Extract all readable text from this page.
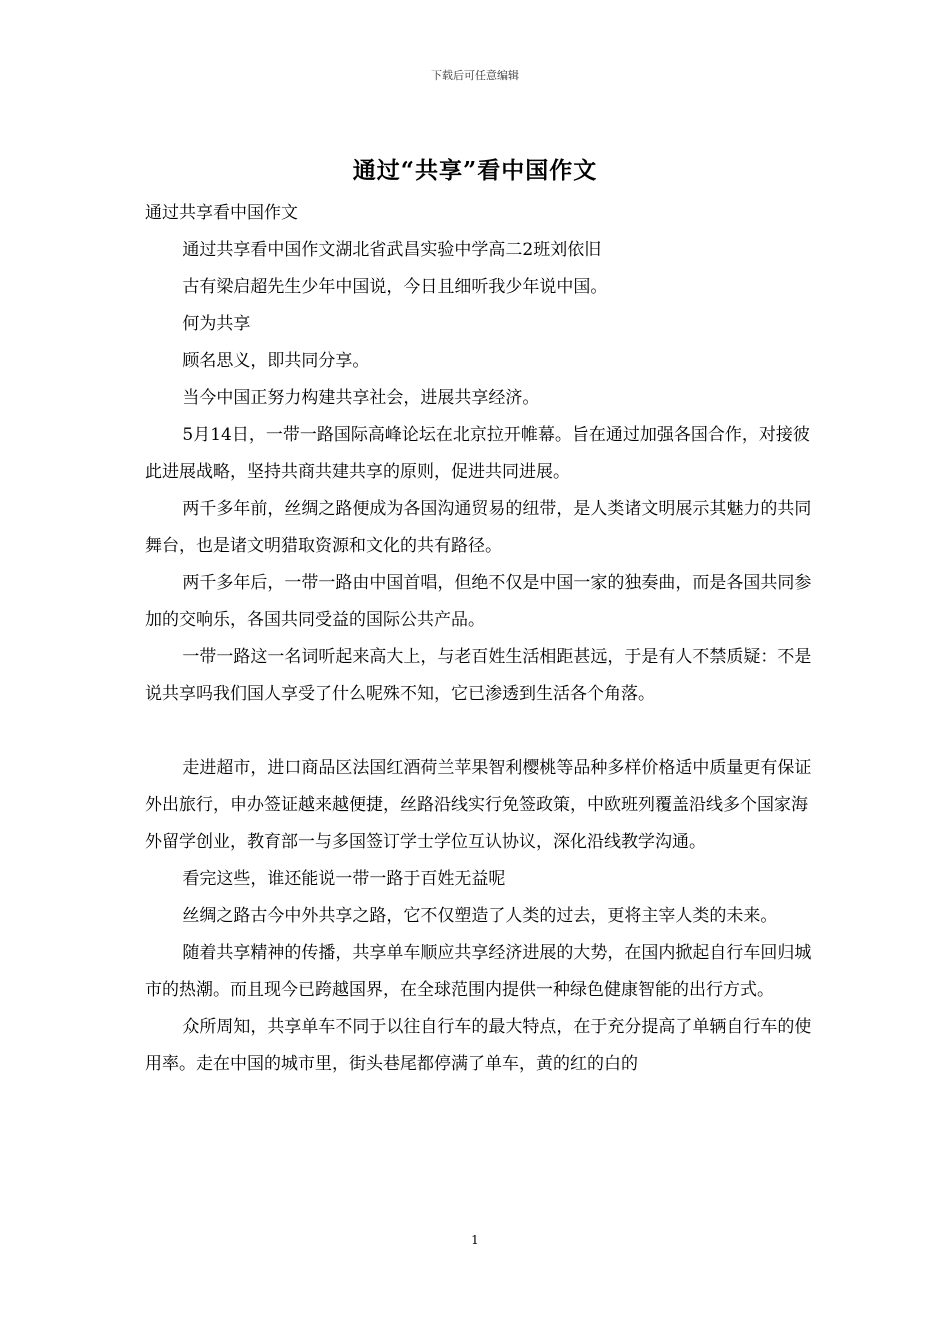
下载后可任意编辑
通过“共享”看中国作文

通过共享看中国作文

通过共享看中国作文湖北省武昌实验中学高二2班刘依旧

古有梁启超先生少年中国说，今日且细听我少年说中国。

何为共享

顾名思义，即共同分享。

当今中国正努力构建共享社会，进展共享经济。

5月14日，一带一路国际高峰论坛在北京拉开帷幕。旨在通过加强各国合作，对接彼此进展战略，坚持共商共建共享的原则，促进共同进展。

两千多年前，丝绸之路便成为各国沟通贸易的纽带，是人类诸文明展示其魅力的共同舞台，也是诸文明猎取资源和文化的共有路径。

两千多年后，一带一路由中国首唱，但绝不仅是中国一家的独奏曲，而是各国共同参加的交响乐，各国共同受益的国际公共产品。

一带一路这一名词听起来高大上，与老百姓生活相距甚远，于是有人不禁质疑：不是说共享吗我们国人享受了什么呢殊不知，它已渗透到生活各个角落。

走进超市，进口商品区法国红酒荷兰苹果智利樱桃等品种多样价格适中质量更有保证外出旅行，申办签证越来越便捷，丝路沿线实行免签政策，中欧班列覆盖沿线多个国家海外留学创业，教育部一与多国签订学士学位互认协议，深化沿线教学沟通。

看完这些，谁还能说一带一路于百姓无益呢

丝绸之路古今中外共享之路，它不仅塑造了人类的过去，更将主宰人类的未来。

随着共享精神的传播，共享单车顺应共享经济进展的大势，在国内掀起自行车回归城市的热潮。而且现今已跨越国界，在全球范围内提供一种绿色健康智能的出行方式。

众所周知，共享单车不同于以往自行车的最大特点，在于充分提高了单辆自行车的使用率。走在中国的城市里，街头巷尾都停满了单车，黄的红的白的

1
